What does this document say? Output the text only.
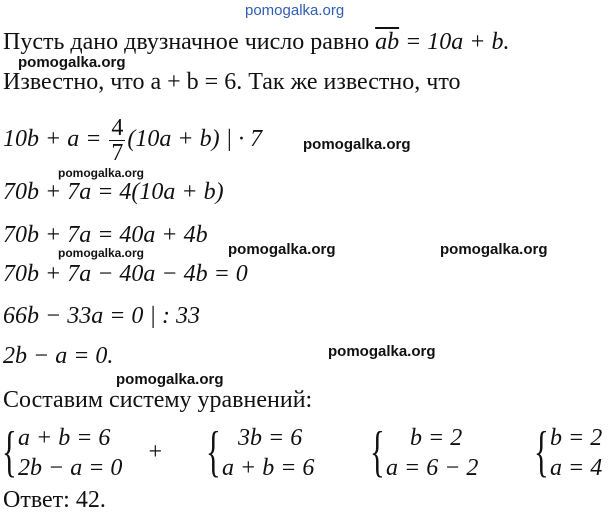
pomogalka.org
Пусть дано двузначное число равно $\overline{ab} = 10a + b$.
pomogalka.org
Известно, что a + b = 6. Так же известно, что
$10b + a = \frac{4}{7} (10a + b)$ | · 7	pomogalka.org
pomogalka.org
70b + 7a = 4(10a + b)
70b + 7a = 40a + 4b
pomogalka.org	pomogalka.org
pomogalka.org
70b + 7a − 40a − 4b = 0
66b − 33a = 0 | : 33
pomogalka.org
2b − a = 0.
pomogalka.org
Составим систему уравнений:
{ a + b = 6
2b − a = 0
+ { 3b = 6
a + b = 6 { b = 2
a = 6 − 2 { b = 2
a = 4
Ответ: 42.
